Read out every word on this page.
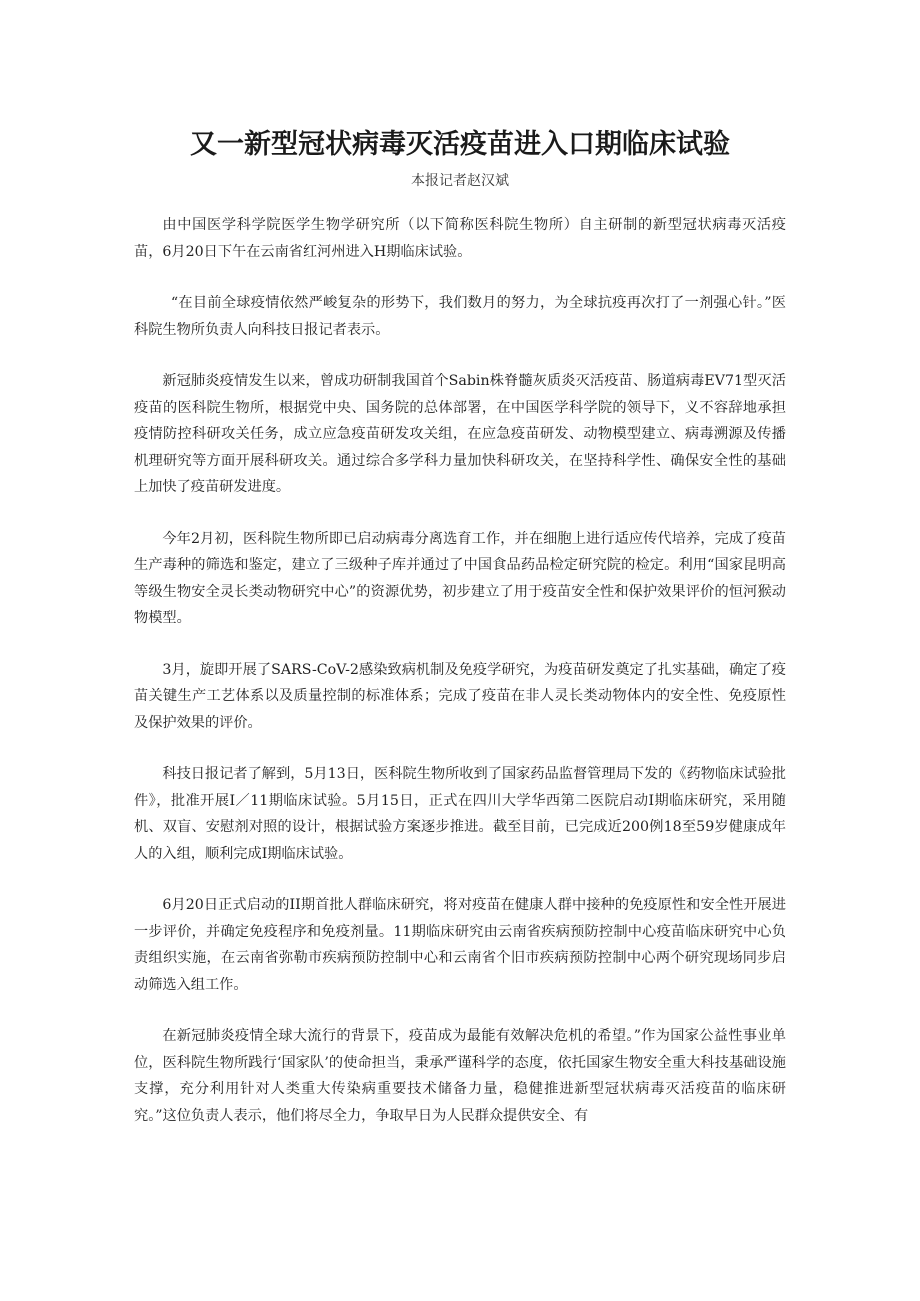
又一新型冠状病毒灭活疫苗进入口期临床试验

本报记者赵汉斌

由中国医学科学院医学生物学研究所（以下简称医科院生物所）自主研制的新型冠状病毒灭活疫苗，6月20日下午在云南省红河州进入H期临床试验。

“在目前全球疫情依然严峻复杂的形势下，我们数月的努力，为全球抗疫再次打了一剂强心针。”医科院生物所负责人向科技日报记者表示。

新冠肺炎疫情发生以来，曾成功研制我国首个Sabin株脊髓灰质炎灭活疫苗、肠道病毒EV71型灭活疫苗的医科院生物所，根据党中央、国务院的总体部署，在中国医学科学院的领导下，义不容辞地承担疫情防控科研攻关任务，成立应急疫苗研发攻关组，在应急疫苗研发、动物模型建立、病毒溯源及传播机理研究等方面开展科研攻关。通过综合多学科力量加快科研攻关，在坚持科学性、确保安全性的基础上加快了疫苗研发进度。

今年2月初，医科院生物所即已启动病毒分离选育工作，并在细胞上进行适应传代培养，完成了疫苗生产毒种的筛选和鉴定，建立了三级种子库并通过了中国食品药品检定研究院的检定。利用“国家昆明高等级生物安全灵长类动物研究中心”的资源优势，初步建立了用于疫苗安全性和保护效果评价的恒河猴动物模型。

3月，旋即开展了SARS-CoV-2感染致病机制及免疫学研究，为疫苗研发奠定了扎实基础，确定了疫苗关键生产工艺体系以及质量控制的标准体系；完成了疫苗在非人灵长类动物体内的安全性、免疫原性及保护效果的评价。

科技日报记者了解到，5月13日，医科院生物所收到了国家药品监督管理局下发的《药物临床试验批件》，批准开展I／11期临床试验。5月15日，正式在四川大学华西第二医院启动I期临床研究，采用随机、双盲、安慰剂对照的设计，根据试验方案逐步推进。截至目前，已完成近200例18至59岁健康成年人的入组，顺利完成I期临床试验。

6月20日正式启动的II期首批人群临床研究，将对疫苗在健康人群中接种的免疫原性和安全性开展进一步评价，并确定免疫程序和免疫剂量。11期临床研究由云南省疾病预防控制中心疫苗临床研究中心负责组织实施，在云南省弥勒市疾病预防控制中心和云南省个旧市疾病预防控制中心两个研究现场同步启动筛选入组工作。

在新冠肺炎疫情全球大流行的背景下，疫苗成为最能有效解决危机的希望。”作为国家公益性事业单位，医科院生物所践行‘国家队’的使命担当，秉承严谨科学的态度，依托国家生物安全重大科技基础设施支撑，充分利用针对人类重大传染病重要技术储备力量，稳健推进新型冠状病毒灭活疫苗的临床研究。”这位负责人表示，他们将尽全力，争取早日为人民群众提供安全、有
